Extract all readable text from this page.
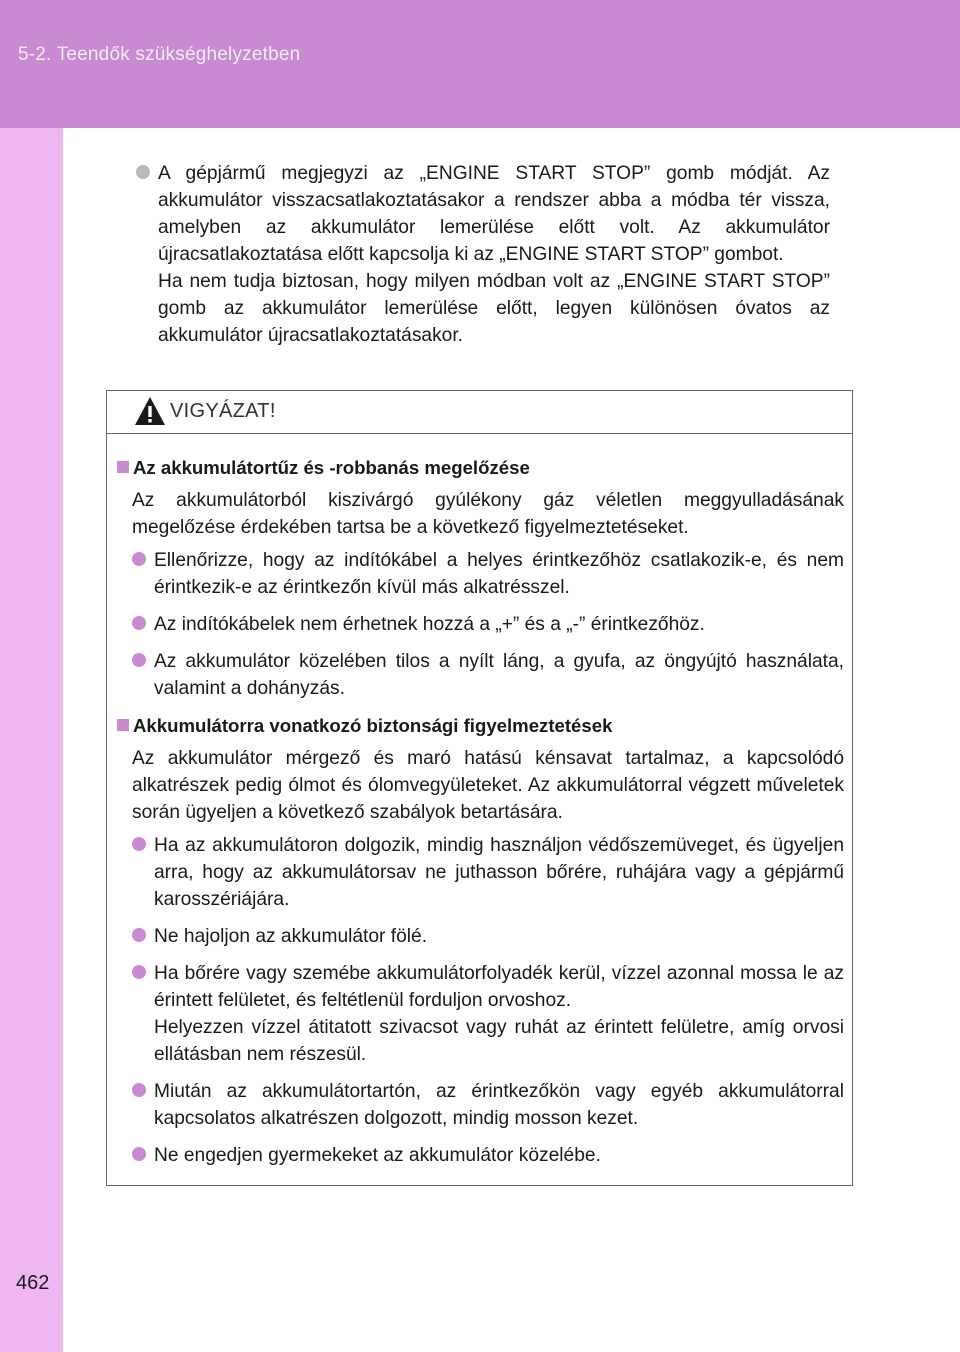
5-2. Teendők szükséghelyzetben

A gépjármű megjegyzi az „ENGINE START STOP” gomb módját. Az akkumulátor visszacsatlakoztatásakor a rendszer abba a módba tér vissza, amelyben az akkumulátor lemerülése előtt volt. Az akkumulátor újracsatlakoztatása előtt kapcsolja ki az „ENGINE START STOP” gombot.

Ha nem tudja biztosan, hogy milyen módban volt az „ENGINE START STOP” gomb az akkumulátor lemerülése előtt, legyen különösen óvatos az akkumulátor újracsatlakoztatásakor.

VIGYÁZAT!
Az akkumulátortűz és -robbanás megelőzése

Az akkumulátorból kiszivárgó gyúlékony gáz véletlen meggyulladásának megelőzése érdekében tartsa be a következő figyelmeztetéseket.

Ellenőrizze, hogy az indítókábel a helyes érintkezőhöz csatlakozik-e, és nem érintkezik-e az érintkezőn kívül más alkatrésszel.
Az indítókábelek nem érhetnek hozzá a „+” és a „-” érintkezőhöz.
Az akkumulátor közelében tilos a nyílt láng, a gyufa, az öngyújtó használata, valamint a dohányzás.
Akkumulátorra vonatkozó biztonsági figyelmeztetések

Az akkumulátor mérgező és maró hatású kénsavat tartalmaz, a kapcsolódó alkatrészek pedig ólmot és ólomvegyületeket. Az akkumulátorral végzett műveletek során ügyeljen a következő szabályok betartására.

Ha az akkumulátoron dolgozik, mindig használjon védőszemüveget, és ügyeljen arra, hogy az akkumulátorsav ne juthasson bőrére, ruhájára vagy a gépjármű karosszériájára.
Ne hajoljon az akkumulátor fölé.

Ha bőrére vagy szemébe akkumulátorfolyadék kerül, vízzel azonnal mossa le az érintett felületet, és feltétlenül forduljon orvoshoz.

Helyezzen vízzel átitatott szivacsot vagy ruhát az érintett felületre, amíg orvosi ellátásban nem részesül.

Miután az akkumulátortartón, az érintkezőkön vagy egyéb akkumulátorral kapcsolatos alkatrészen dolgozott, mindig mosson kezet.
Ne engedjen gyermekeket az akkumulátor közelébe.
462
